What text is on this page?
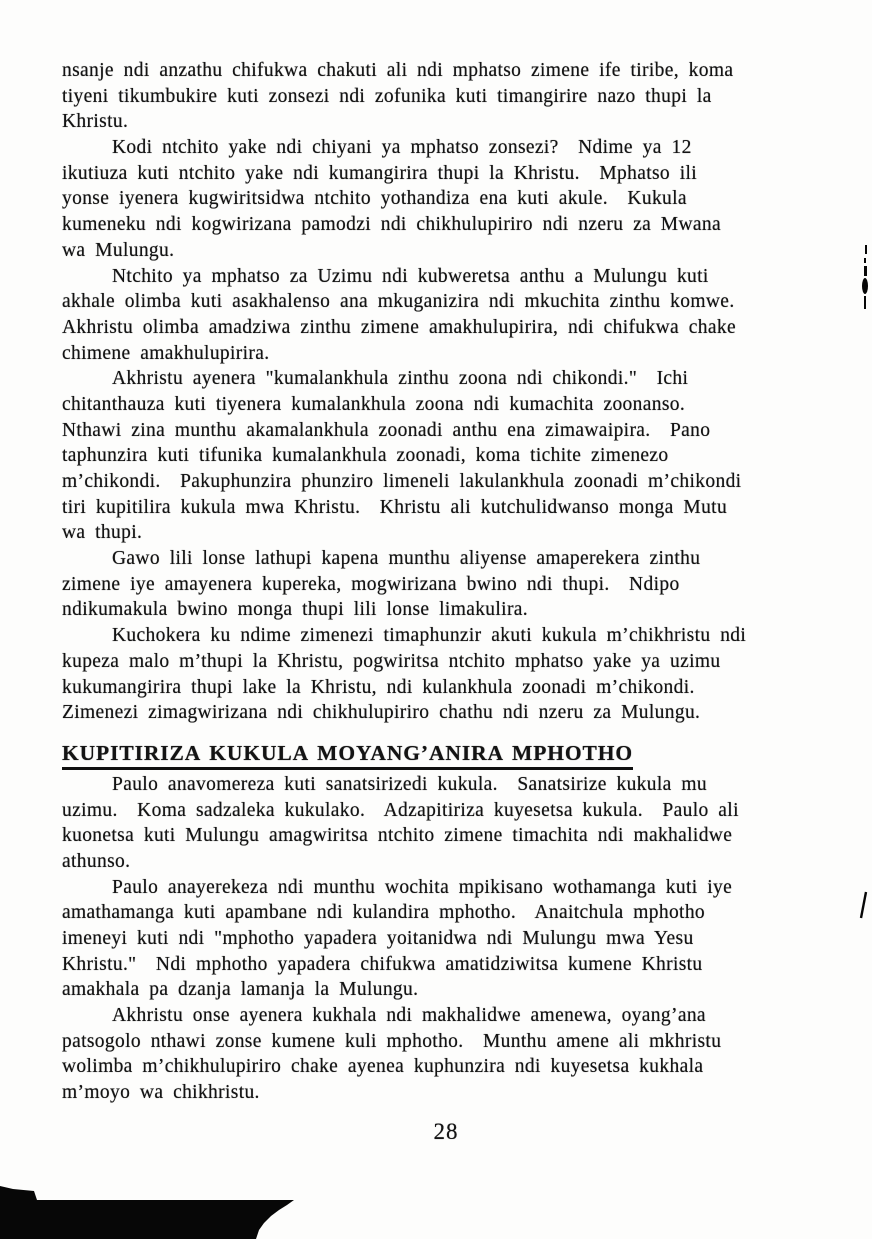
nsanje ndi anzathu chifukwa chakuti ali ndi mphatso zimene ife tiribe, koma
tiyeni tikumbukire kuti zonsezi ndi zofunika kuti timangirire nazo thupi la
Khristu.
Kodi ntchito yake ndi chiyani ya mphatso zonsezi?  Ndime ya 12
ikutiuza kuti ntchito yake ndi kumangirira thupi la Khristu.  Mphatso ili
yonse iyenera kugwiritsidwa ntchito yothandiza ena kuti akule.  Kukula
kumeneku ndi kogwirizana pamodzi ndi chikhulupiriro ndi nzeru za Mwana
wa Mulungu.
Ntchito ya mphatso za Uzimu ndi kubweretsa anthu a Mulungu kuti
akhale olimba kuti asakhalenso ana mkuganizira ndi mkuchita zinthu komwe.
Akhristu olimba amadziwa zinthu zimene amakhulupirira, ndi chifukwa chake
chimene amakhulupirira.
Akhristu ayenera "kumalankhula zinthu zoona ndi chikondi."  Ichi
chitanthauza kuti tiyenera kumalankhula zoona ndi kumachita zoonanso.
Nthawi zina munthu akamalankhula zoonadi anthu ena zimawaipira.  Pano
taphunzira kuti tifunika kumalankhula zoonadi, koma tichite zimenezo
m’chikondi.  Pakuphunzira phunziro limeneli lakulankhula zoonadi m’chikondi
tiri kupitilira kukula mwa Khristu.  Khristu ali kutchulidwanso monga Mutu
wa thupi.
Gawo lili lonse lathupi kapena munthu aliyense amaperekera zinthu
zimene iye amayenera kupereka, mogwirizana bwino ndi thupi.  Ndipo
ndikumakula bwino monga thupi lili lonse limakulira.
Kuchokera ku ndime zimenezi timaphunzir akuti kukula m’chikhristu ndi
kupeza malo m’thupi la Khristu, pogwiritsa ntchito mphatso yake ya uzimu
kukumangirira thupi lake la Khristu, ndi kulankhula zoonadi m’chikondi.
Zimenezi zimagwirizana ndi chikhulupiriro chathu ndi nzeru za Mulungu.
KUPITIRIZA KUKULA MOYANG’ANIRA MPHOTHO
Paulo anavomereza kuti sanatsirizedi kukula.  Sanatsirize kukula mu
uzimu.  Koma sadzaleka kukulako.  Adzapitiriza kuyesetsa kukula.  Paulo ali
kuonetsa kuti Mulungu amagwiritsa ntchito zimene timachita ndi makhalidwe
athunso.
Paulo anayerekeza ndi munthu wochita mpikisano wothamanga kuti iye
amathamanga kuti apambane ndi kulandira mphotho.  Anaitchula mphotho
imeneyi kuti ndi "mphotho yapadera yoitanidwa ndi Mulungu mwa Yesu
Khristu."  Ndi mphotho yapadera chifukwa amatidziwitsa kumene Khristu
amakhala pa dzanja lamanja la Mulungu.
Akhristu onse ayenera kukhala ndi makhalidwe amenewa, oyang’ana
patsogolo nthawi zonse kumene kuli mphotho.  Munthu amene ali mkhristu
wolimba m’chikhulupiriro chake ayenea kuphunzira ndi kuyesetsa kukhala
m’moyo wa chikhristu.
28
